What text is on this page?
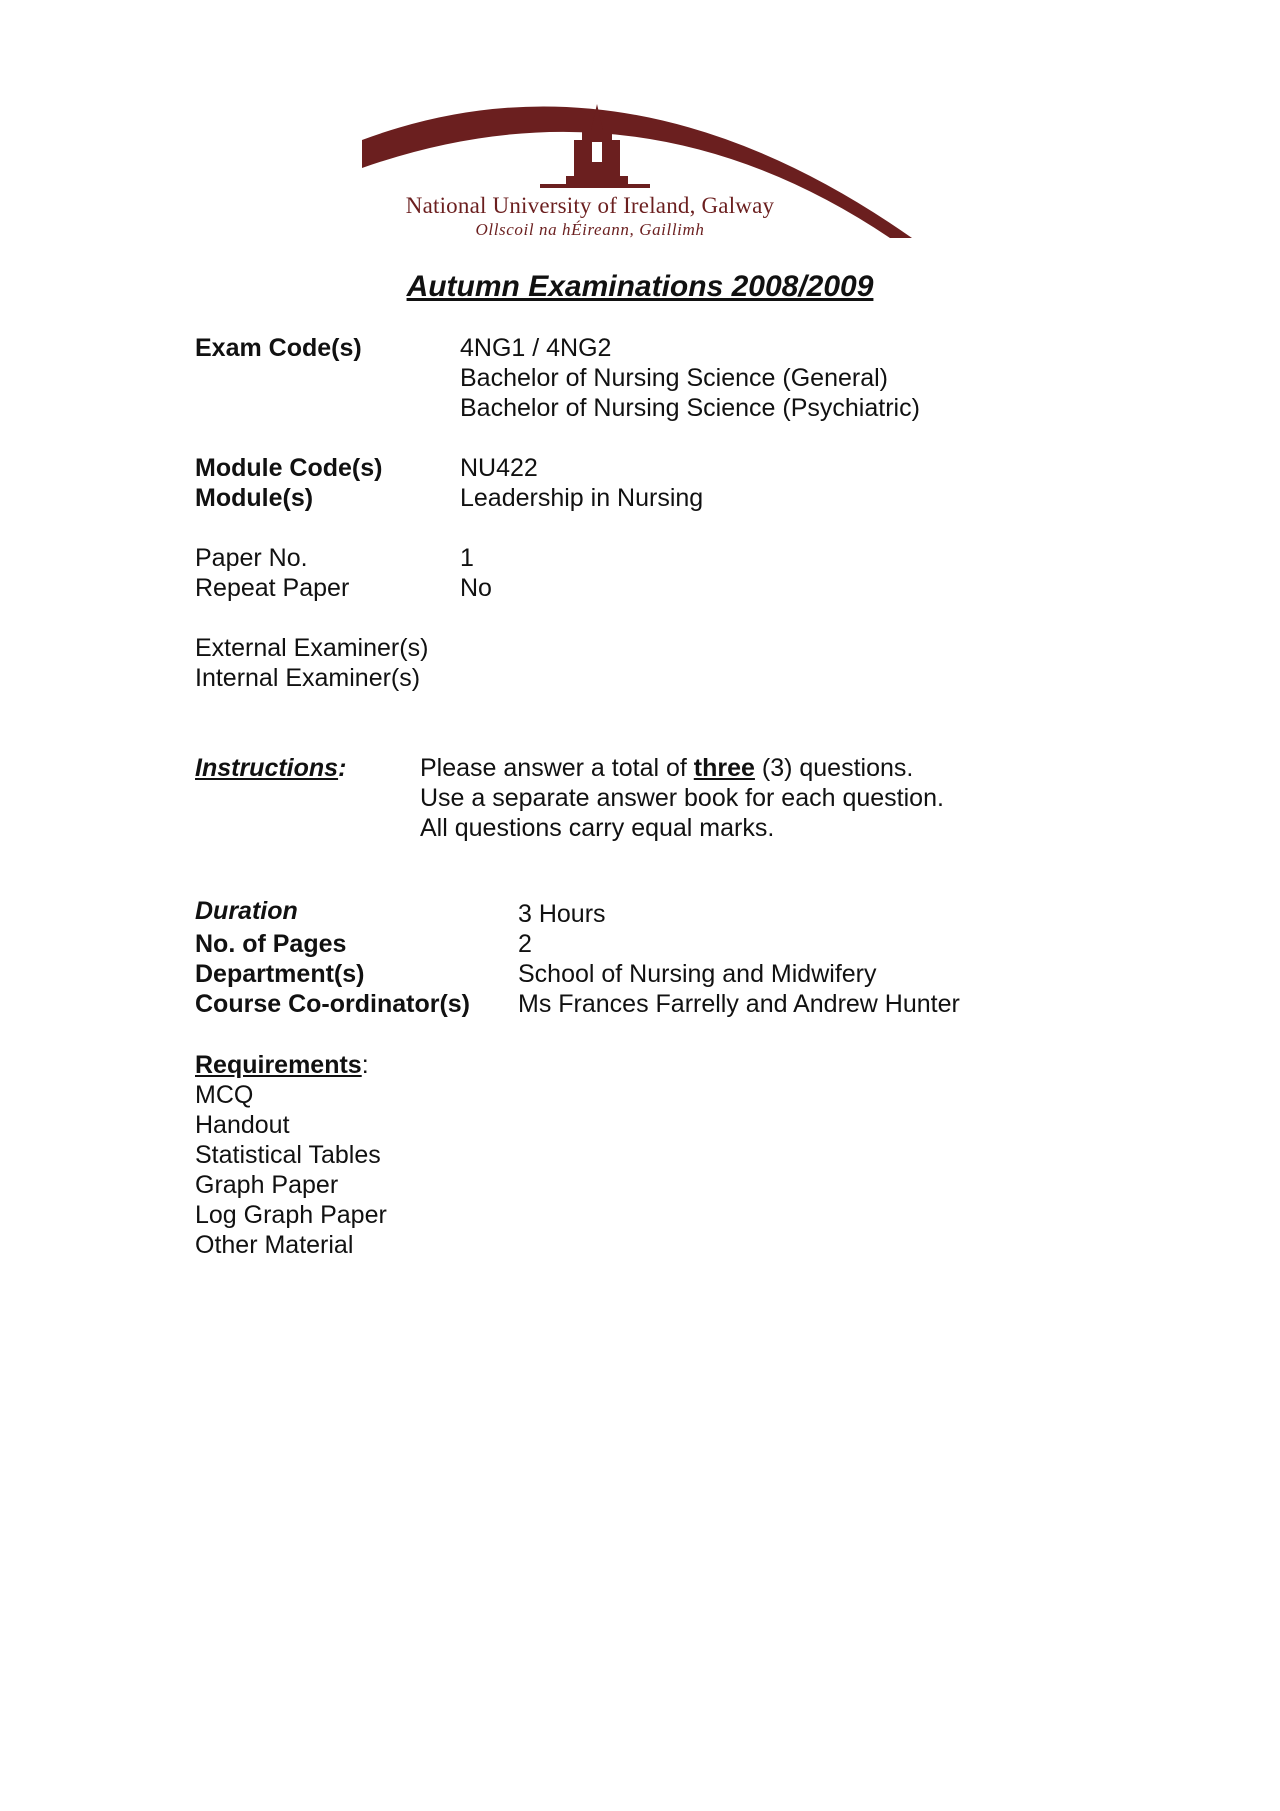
National University of Ireland, Galway
Ollscoil na hÉireann, Gaillimh
Autumn Examinations 2008/2009
Exam Code(s)	4NG1 / 4NG2
Bachelor of Nursing Science (General)
Bachelor of Nursing Science (Psychiatric)
Module Code(s)	NU422
Module(s)	Leadership in Nursing
Paper No.	1
Repeat Paper	No
External Examiner(s)
Internal Examiner(s)
Instructions:	Please answer a total of three (3) questions.
Use a separate answer book for each question.
All questions carry equal marks.
Duration	3 Hours
No. of Pages	2
Department(s)	School of Nursing and Midwifery
Course Co-ordinator(s) Ms Frances Farrelly and Andrew Hunter
Requirements:
MCQ
Handout
Statistical Tables
Graph Paper
Log Graph Paper
Other Material
